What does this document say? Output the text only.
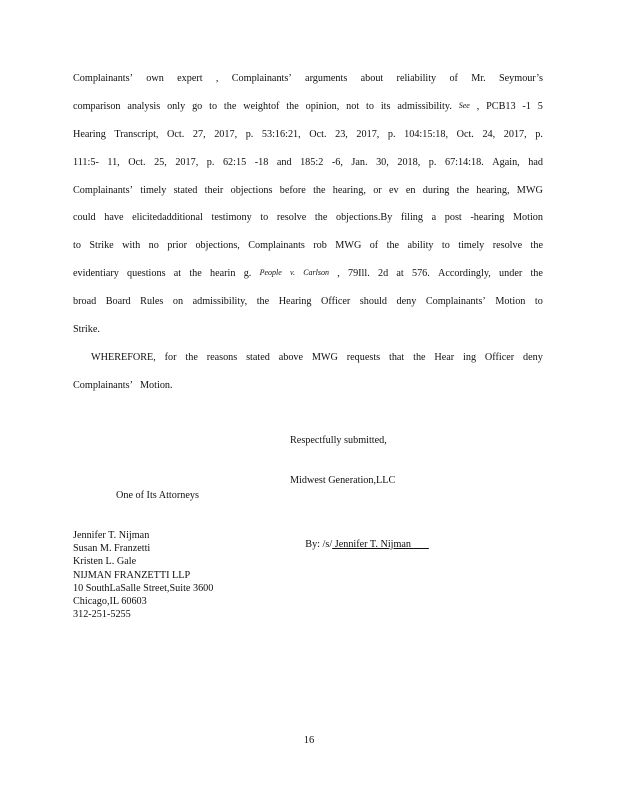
Complainants’ own expert , Complainants’ arguments about reliability of Mr. Seymour’s
comparison analysis only go to the weightof the opinion, not to its admissibility. See , PCB13 -1 5
Hearing Transcript, Oct. 27, 2017, p. 53:16:21, Oct. 23, 2017, p. 104:15:18, Oct. 24, 2017, p.
111:5- 11, Oct. 25, 2017, p. 62:15 -18 and 185:2 -6, Jan. 30, 2018, p. 67:14:18. Again, had
Complainants’ timely stated their objections before the hearing, or ev en during the hearing, MWG
could have elicitedadditional testimony to resolve the objections.By filing a post -hearing Motion
to Strike with no prior objections, Complainants rob MWG of the ability to timely resolve the
evidentiary questions at the hearin g. People v. Carlson , 79Ill. 2d at 576. Accordingly, under the
broad Board Rules on admissibility, the Hearing Officer should deny Complainants’ Motion to
Strike.
WHEREFORE, for the reasons stated above MWG requests that the Hear ing Officer deny
Complainants’ Motion.

Respectfully submitted,

Midwest Generation,LLC

By: /s/ Jennifer T. Nijman

One of Its Attorneys

Jennifer T. Nijman
Susan M. Franzetti
Kristen L. Gale
NIJMAN FRANZETTI LLP
10 SouthLaSalle Street,Suite 3600
Chicago,IL 60603
312-251-5255

16
